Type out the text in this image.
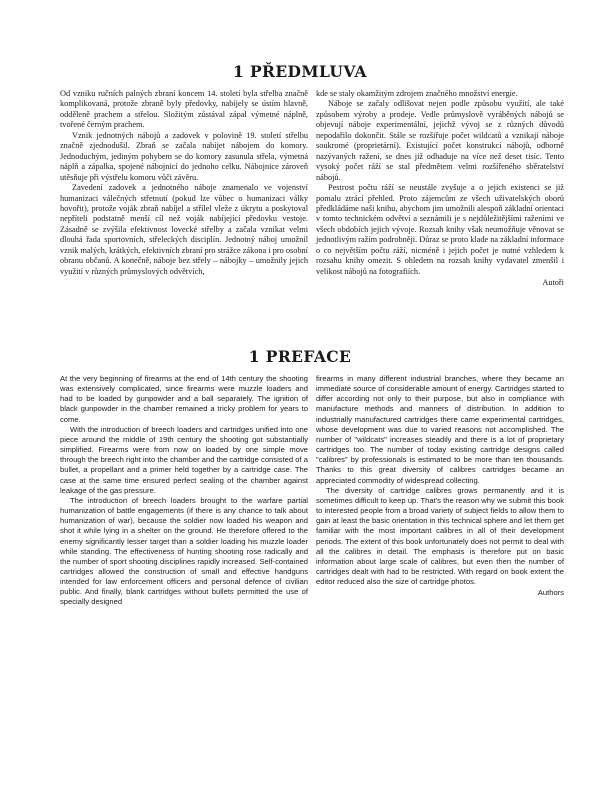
1 PŘEDMLUVA

Od vzniku ručních palných zbraní koncem 14. století byla střelba značně komplikovaná, protože zbraně byly předovky, nabíjely se ústím hlavně, odděleně prachem a střelou. Složitým zůstával zápal výmetné náplně, tvořené černým prachem.

Vznik jednotných nábojů a zadovek v polovině 19. století střelbu značně zjednodušil. Zbraň se začala nabíjet nábojem do komory. Jednoduchým, jediným pohybem se do komory zasunula střela, výmetná náplň a zápalka, spojené nábojnicí do jednoho celku. Nábojnice zároveň utěsňuje při výstřelu komoru vůči závěru.

Zavedení zadovek a jednotného náboje znamenalo ve vojenství humanizaci válečných střetnutí (pokud lze vůbec o humanizaci války hovořit), protože voják zbraň nabíjel a střílel vleže z úkrytu a poskytoval nepříteli podstatně menší cíl než voják nabíjející předovku vestoje. Zásadně se zvýšila efektivnost lovecké střelby a začala vznikat velmi dlouhá řada sportovních, střeleckých disciplín. Jednotný náboj umožnil vznik malých, krátkých, efektivních zbraní pro strážce zákona i pro osobní obranu občanů. A konečně, náboje bez střely – nábojky – umožnily jejich využití v různých průmyslových odvětvích,

kde se staly okamžitým zdrojem značného množství energie.

Náboje se začaly odlišovat nejen podle způsobu využití, ale také způsobem výroby a prodeje. Vedle průmyslově vyráběných nábojů se objevují náboje experimentální, jejichž vývoj se z různých důvodů nepodařilo dokončit. Stále se rozšiřuje počet wildcatů a vznikají náboje soukromé (proprietární). Existující počet konstrukcí nábojů, odborně nazývaných ražení, se dnes již odhaduje na více než deset tisíc. Tento vysoký počet ráží se stal předmětem velmi rozšířeného sběratelství nábojů.

Pestrost počtu ráží se neustále zvyšuje a o jejich existenci se již pomalu ztrácí přehled. Proto zájemcům ze všech uživatelských oborů předkládáme naši knihu, abychom jim umožnili alespoň základní orientaci v tomto technickém odvětví a seznámili je s nejdůležitějšími raženími ve všech obdobích jejich vývoje. Rozsah knihy však neumožňuje věnovat se jednotlivým ražím podrobněji. Důraz se proto klade na základní informace o co největším počtu ráží, nicméně i jejich počet je nutné vzhledem k rozsahu knihy omezit. S ohledem na rozsah knihy vydavatel zmenšil i velikost nábojů na fotografiích.

Autoři

1 PREFACE

At the very beginning of firearms at the end of 14th century the shooting was extensively complicated, since firearms were muzzle loaders and had to be loaded by gunpowder and a ball separately. The ignition of black gunpowder in the chamber remained a tricky problem for years to come.

With the introduction of breech loaders and cartridges unified into one piece around the middle of 19th century the shooting got substantially simplified. Firearms were from now on loaded by one simple move through the breech right into the chamber and the cartridge consisted of a bullet, a propellant and a primer held together by a cartridge case. The case at the same time ensured perfect sealing of the chamber against leakage of the gas pressure.

The introduction of breech loaders brought to the warfare partial humanization of battle engagements (if there is any chance to talk about humanization of war), because the soldier now loaded his weapon and shot it while lying in a shelter on the ground. He therefore offered to the enemy significantly lesser target than a soldier loading his muzzle loader while standing. The effectiveness of hunting shooting rose radically and the number of sport shooting disciplines rapidly increased. Self-contained cartridges allowed the construction of small and effective handguns intended for law enforcement officers and personal defence of civilian public. And finally, blank cartridges without bullets permitted the use of specially designed

firearms in many different industrial branches, where they became an immediate source of considerable amount of energy. Cartridges started to differ according not only to their purpose, but also in compliance with manufacture methods and manners of distribution. In addition to industrially manufactured cartridges there came experimental cartridges, whose development was due to varied reasons not accomplished. The number of "wildcats" increases steadily and there is a lot of proprietary cartridges too. The number of today existing cartridge designs called "calibres" by professionals is estimated to be more than ten thousands. Thanks to this great diversity of calibres cartridges became an appreciated commodity of widespread collecting.

The diversity of cartridge calibres grows permanently and it is sometimes difficult to keep up. That's the reason why we submit this book to interested people from a broad variety of subject fields to allow them to gain at least the basic orientation in this technical sphere and let them get familiar with the most important calibres in all of their development periods. The extent of this book unfortunately does not permit to deal with all the calibres in detail. The emphasis is therefore put on basic information about large scale of calibres, but even then the number of cartridges dealt with had to be restricted. With regard on book extent the editor reduced also the size of cartridge photos.

Authors
